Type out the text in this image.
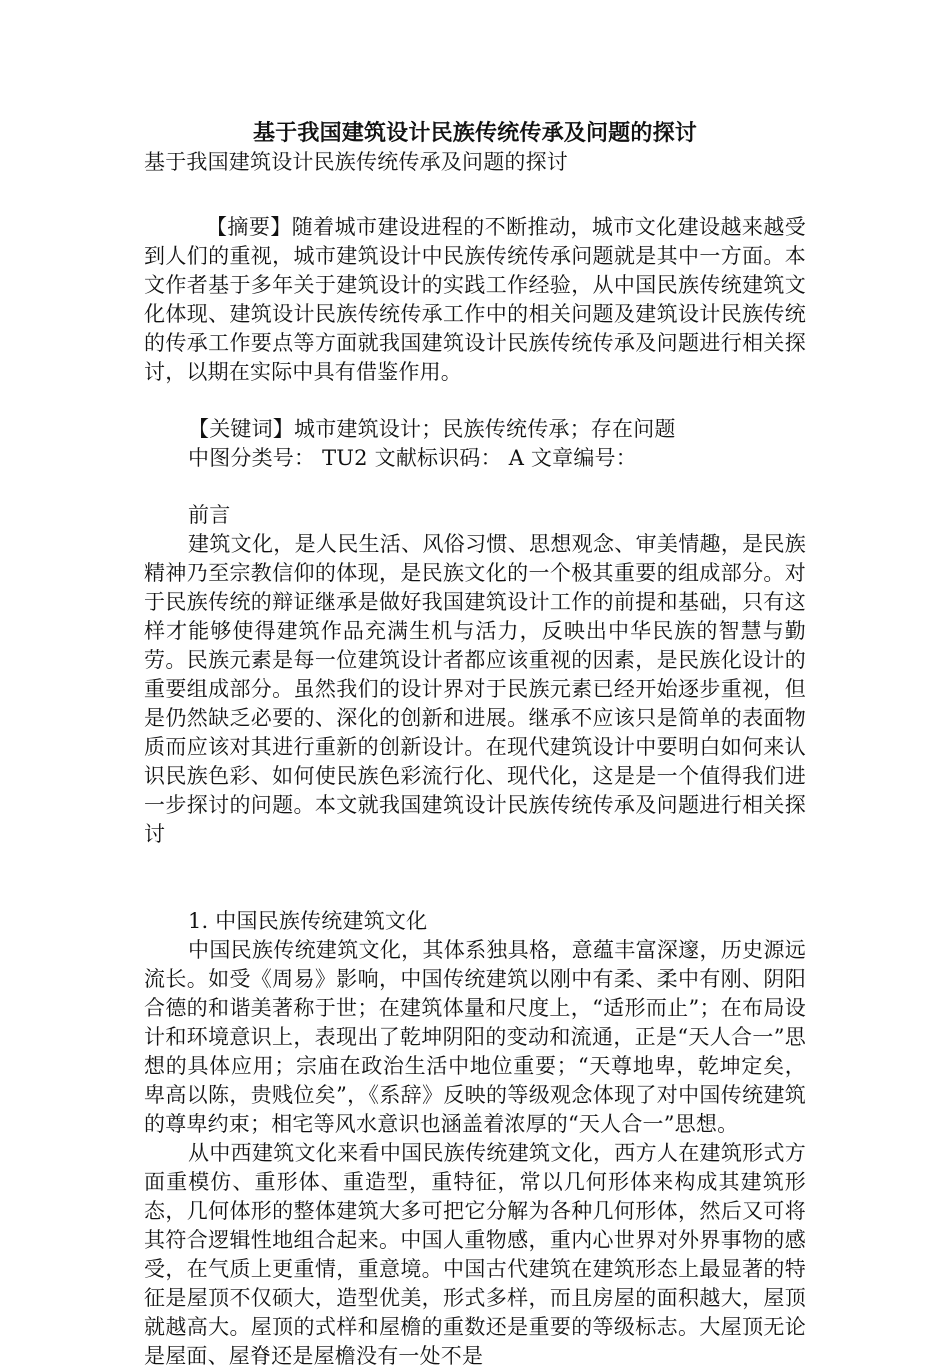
基于我国建筑设计民族传统传承及问题的探讨

基于我国建筑设计民族传统传承及问题的探讨

【摘要】随着城市建设进程的不断推动，城市文化建设越来越受到人们的重视，城市建筑设计中民族传统传承问题就是其中一方面。本文作者基于多年关于建筑设计的实践工作经验，从中国民族传统建筑文化体现、建筑设计民族传统传承工作中的相关问题及建筑设计民族传统的传承工作要点等方面就我国建筑设计民族传统传承及问题进行相关探讨，以期在实际中具有借鉴作用。

【关键词】城市建筑设计；民族传统传承；存在问题

中图分类号： TU2 文献标识码： A 文章编号：

前言

建筑文化，是人民生活、风俗习惯、思想观念、审美情趣，是民族精神乃至宗教信仰的体现，是民族文化的一个极其重要的组成部分。对于民族传统的辩证继承是做好我国建筑设计工作的前提和基础，只有这样才能够使得建筑作品充满生机与活力，反映出中华民族的智慧与勤劳。民族元素是每一位建筑设计者都应该重视的因素，是民族化设计的重要组成部分。虽然我们的设计界对于民族元素已经开始逐步重视，但是仍然缺乏必要的、深化的创新和进展。继承不应该只是简单的表面物质而应该对其进行重新的创新设计。在现代建筑设计中要明白如何来认识民族色彩、如何使民族色彩流行化、现代化，这是是一个值得我们进一步探讨的问题。本文就我国建筑设计民族传统传承及问题进行相关探讨

1. 中国民族传统建筑文化

中国民族传统建筑文化，其体系独具格，意蕴丰富深邃，历史源远流长。如受《周易》影响，中国传统建筑以刚中有柔、柔中有刚、阴阳合德的和谐美著称于世；在建筑体量和尺度上，“适形而止”；在布局设计和环境意识上，表现出了乾坤阴阳的变动和流通，正是“天人合一”思想的具体应用；宗庙在政治生活中地位重要；“天尊地卑，乾坤定矣，卑高以陈，贵贱位矣”，《系辞》反映的等级观念体现了对中国传统建筑的尊卑约束；相宅等风水意识也涵盖着浓厚的“天人合一”思想。

从中西建筑文化来看中国民族传统建筑文化，西方人在建筑形式方面重模仿、重形体、重造型，重特征，常以几何形体来构成其建筑形态，几何体形的整体建筑大多可把它分解为各种几何形体，然后又可将其符合逻辑性地组合起来。中国人重物感，重内心世界对外界事物的感受，在气质上更重情，重意境。中国古代建筑在建筑形态上最显著的特征是屋顶不仅硕大，造型优美，形式多样，而且房屋的面积越大，屋顶就越高大。屋顶的式样和屋檐的重数还是重要的等级标志。大屋顶无论是屋面、屋脊还是屋檐没有一处不是
